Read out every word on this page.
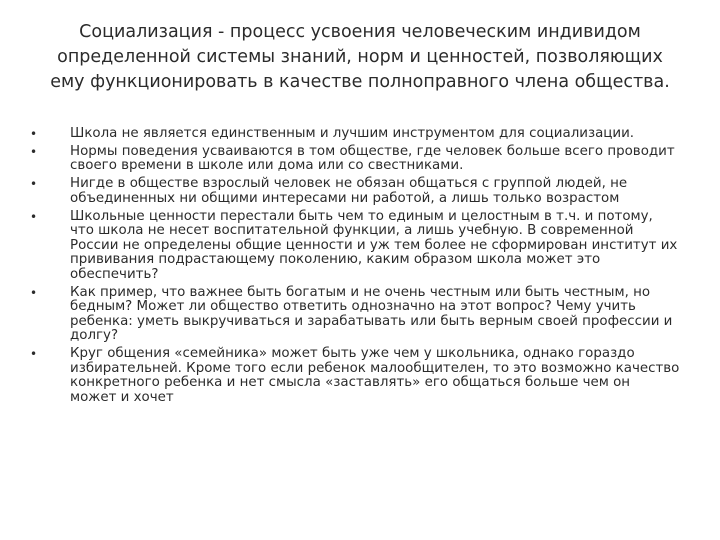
Социализация - процесс усвоения человеческим индивидом определенной системы знаний, норм и ценностей, позволяющих ему функционировать в качестве полноправного члена общества.
• Школа не является единственным и лучшим инструментом для социализации.
• Нормы поведения усваиваются в том обществе, где человек больше всего проводит своего времени в школе или дома или со свестниками.
• Нигде в обществе взрослый человек не обязан общаться с группой людей, не объединенных ни общими интересами ни работой, а лишь только возрастом
• Школьные ценности перестали быть чем то единым и целостным в т.ч. и потому, что школа не несет воспитательной функции, а лишь учебную. В современной России не определены общие ценности и уж тем более не сформирован институт их прививания подрастающему поколению, каким образом школа может это обеспечить?
• Как пример, что важнее быть богатым и не очень честным или быть честным, но бедным? Может ли общество ответить однозначно на этот вопрос? Чему учить ребенка: уметь выкручиваться и зарабатывать или быть верным своей профессии и долгу?
• Круг общения «семейника» может быть уже чем у школьника, однако гораздо избирательней. Кроме того если ребенок малообщителен, то это возможно качество конкретного ребенка и нет смысла «заставлять» его общаться больше чем он может и хочет
